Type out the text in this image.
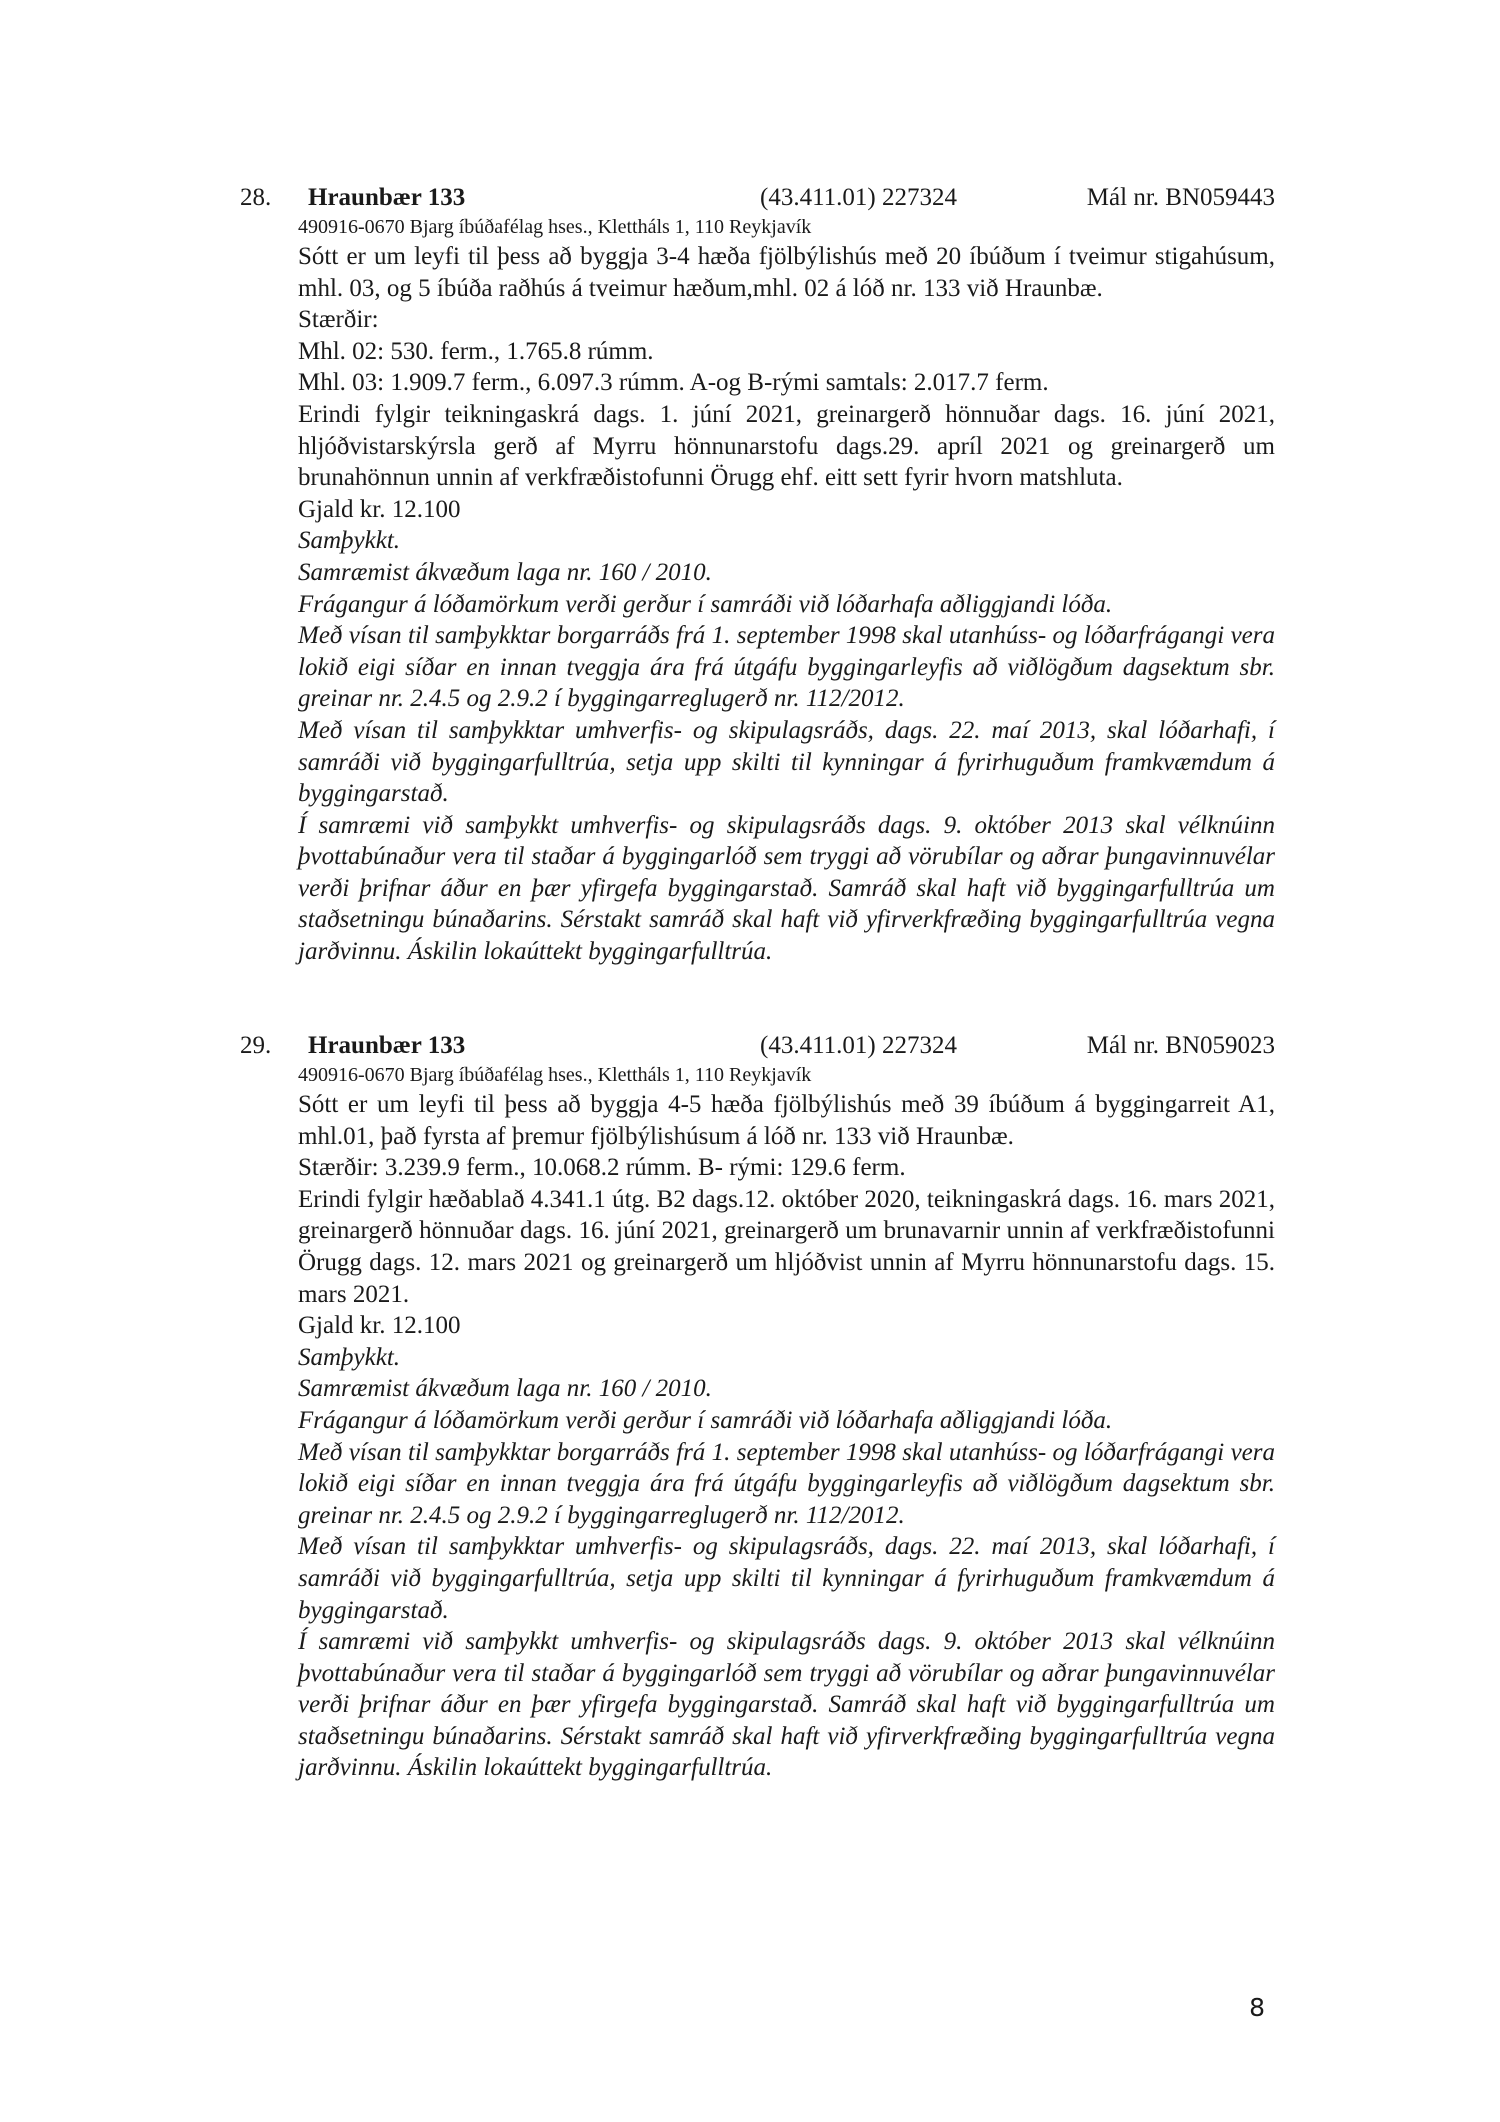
28. Hraunbær 133	(43.411.01) 227324	Mál nr. BN059443
490916-0670 Bjarg íbúðafélag hses., Klettháls 1, 110 Reykjavík

Sótt er um leyfi til þess að byggja 3-4 hæða fjölbýlishús með 20 íbúðum í tveimur stigahúsum, mhl. 03, og 5 íbúða raðhús á tveimur hæðum,mhl. 02 á lóð nr. 133 við Hraunbæ.

Stærðir:

Mhl. 02: 530. ferm., 1.765.8 rúmm.

Mhl. 03: 1.909.7 ferm., 6.097.3 rúmm. A-og B-rými samtals: 2.017.7 ferm.

Erindi fylgir teikningaskrá dags. 1. júní 2021, greinargerð hönnuðar dags. 16. júní 2021, hljóðvistarskýrsla gerð af Myrru hönnunarstofu dags.29. apríl 2021 og greinargerð um brunahönnun unnin af verkfræðistofunni Örugg ehf. eitt sett fyrir hvorn matshluta.

Gjald kr. 12.100

Samþykkt.

Samræmist ákvæðum laga nr. 160 / 2010.

Frágangur á lóðamörkum verði gerður í samráði við lóðarhafa aðliggjandi lóða.

Með vísan til samþykktar borgarráðs frá 1. september 1998 skal utanhúss- og lóðarfrágangi vera lokið eigi síðar en innan tveggja ára frá útgáfu byggingarleyfis að viðlögðum dagsektum sbr. greinar nr. 2.4.5 og 2.9.2 í byggingarreglugerð nr. 112/2012.

Með vísan til samþykktar umhverfis- og skipulagsráðs, dags. 22. maí 2013, skal lóðarhafi, í samráði við byggingarfulltrúa, setja upp skilti til kynningar á fyrirhuguðum framkvæmdum á byggingarstað.

Í samræmi við samþykkt umhverfis- og skipulagsráðs dags. 9. október 2013 skal vélknúinn þvottabúnaður vera til staðar á byggingarlóð sem tryggi að vörubílar og aðrar þungavinnuvélar verði þrifnar áður en þær yfirgefa byggingarstað. Samráð skal haft við byggingarfulltrúa um staðsetningu búnaðarins. Sérstakt samráð skal haft við yfirverkfræðing byggingarfulltrúa vegna jarðvinnu. Áskilin lokaúttekt byggingarfulltrúa.

29. Hraunbær 133	(43.411.01) 227324	Mál nr. BN059023
490916-0670 Bjarg íbúðafélag hses., Klettháls 1, 110 Reykjavík

Sótt er um leyfi til þess að byggja 4-5 hæða fjölbýlishús með 39 íbúðum á byggingarreit A1, mhl.01, það fyrsta af þremur fjölbýlishúsum á lóð nr. 133 við Hraunbæ.

Stærðir: 3.239.9 ferm., 10.068.2 rúmm. B- rými: 129.6 ferm.

Erindi fylgir hæðablað 4.341.1 útg. B2 dags.12. október 2020, teikningaskrá dags. 16. mars 2021, greinargerð hönnuðar dags. 16. júní 2021, greinargerð um brunavarnir unnin af verkfræðistofunni Örugg dags. 12. mars 2021 og greinargerð um hljóðvist unnin af Myrru hönnunarstofu dags. 15. mars 2021.

Gjald kr. 12.100

Samþykkt.

Samræmist ákvæðum laga nr. 160 / 2010.

Frágangur á lóðamörkum verði gerður í samráði við lóðarhafa aðliggjandi lóða.

Með vísan til samþykktar borgarráðs frá 1. september 1998 skal utanhúss- og lóðarfrágangi vera lokið eigi síðar en innan tveggja ára frá útgáfu byggingarleyfis að viðlögðum dagsektum sbr. greinar nr. 2.4.5 og 2.9.2 í byggingarreglugerð nr. 112/2012.

Með vísan til samþykktar umhverfis- og skipulagsráðs, dags. 22. maí 2013, skal lóðarhafi, í samráði við byggingarfulltrúa, setja upp skilti til kynningar á fyrirhuguðum framkvæmdum á byggingarstað.

Í samræmi við samþykkt umhverfis- og skipulagsráðs dags. 9. október 2013 skal vélknúinn þvottabúnaður vera til staðar á byggingarlóð sem tryggi að vörubílar og aðrar þungavinnuvélar verði þrifnar áður en þær yfirgefa byggingarstað. Samráð skal haft við byggingarfulltrúa um staðsetningu búnaðarins. Sérstakt samráð skal haft við yfirverkfræðing byggingarfulltrúa vegna jarðvinnu. Áskilin lokaúttekt byggingarfulltrúa.

8
